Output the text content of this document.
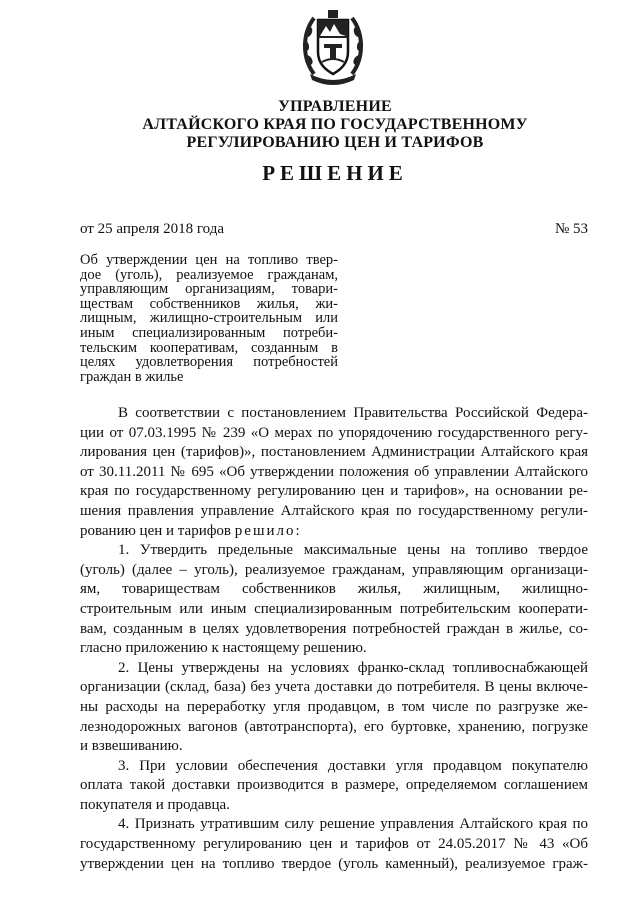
УПРАВЛЕНИЕ
АЛТАЙСКОГО КРАЯ ПО ГОСУДАРСТВЕННОМУ
РЕГУЛИРОВАНИЮ ЦЕН И ТАРИФОВ
РЕШЕНИЕ
от 25 апреля 2018 года	№ 53
Об утверждении цен на топливо твер-
дое (уголь), реализуемое гражданам,
управляющим организациям, товари-
ществам собственников жилья, жи-
лищным, жилищно-строительным или
иным специализированным потреби-
тельским кооперативам, созданным в
целях удовлетворения потребностей
граждан в жилье
В соответствии с постановлением Правительства Российской Федера-
ции от 07.03.1995 № 239 «О мерах по упорядочению государственного регу-
лирования цен (тарифов)», постановлением Администрации Алтайского края
от 30.11.2011 № 695 «Об утверждении положения об управлении Алтайского
края по государственному регулированию цен и тарифов», на основании ре-
шения правления управление Алтайского края по государственному регули-
рованию цен и тарифов решило:
1. Утвердить предельные максимальные цены на топливо твердое
(уголь) (далее – уголь), реализуемое гражданам, управляющим организаци-
ям, товариществам собственников жилья, жилищным, жилищно-
строительным или иным специализированным потребительским кооперати-
вам, созданным в целях удовлетворения потребностей граждан в жилье, со-
гласно приложению к настоящему решению.
2. Цены утверждены на условиях франко-склад топливоснабжающей
организации (склад, база) без учета доставки до потребителя. В цены включе-
ны расходы на переработку угля продавцом, в том числе по разгрузке же-
лезнодорожных вагонов (автотранспорта), его буртовке, хранению, погрузке
и взвешиванию.
3. При условии обеспечения доставки угля продавцом покупателю
оплата такой доставки производится в размере, определяемом соглашением
покупателя и продавца.
4. Признать утратившим силу решение управления Алтайского края по
государственному регулированию цен и тарифов от 24.05.2017 № 43 «Об
утверждении цен на топливо твердое (уголь каменный), реализуемое граж-
